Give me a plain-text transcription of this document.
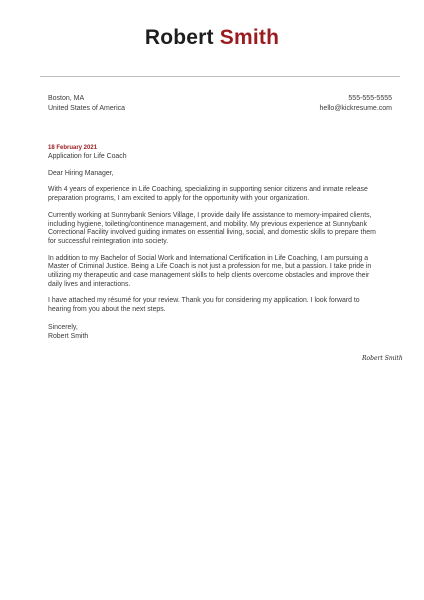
Robert Smith
Boston, MA
United States of America
555-555-5555
hello@kickresume.com
18 February 2021
Application for Life Coach
Dear Hiring Manager,
With 4 years of experience in Life Coaching, specializing in supporting senior citizens and inmate release preparation programs, I am excited to apply for the opportunity with your organization.
Currently working at Sunnybank Seniors Village, I provide daily life assistance to memory-impaired clients, including hygiene, toileting/continence management, and mobility. My previous experience at Sunnybank Correctional Facility involved guiding inmates on essential living, social, and domestic skills to prepare them for successful reintegration into society.
In addition to my Bachelor of Social Work and International Certification in Life Coaching, I am pursuing a Master of Criminal Justice. Being a Life Coach is not just a profession for me, but a passion. I take pride in utilizing my therapeutic and case management skills to help clients overcome obstacles and improve their daily lives and interactions.
I have attached my résumé for your review. Thank you for considering my application. I look forward to hearing from you about the next steps.
Sincerely,
Robert Smith
Robert Smith
